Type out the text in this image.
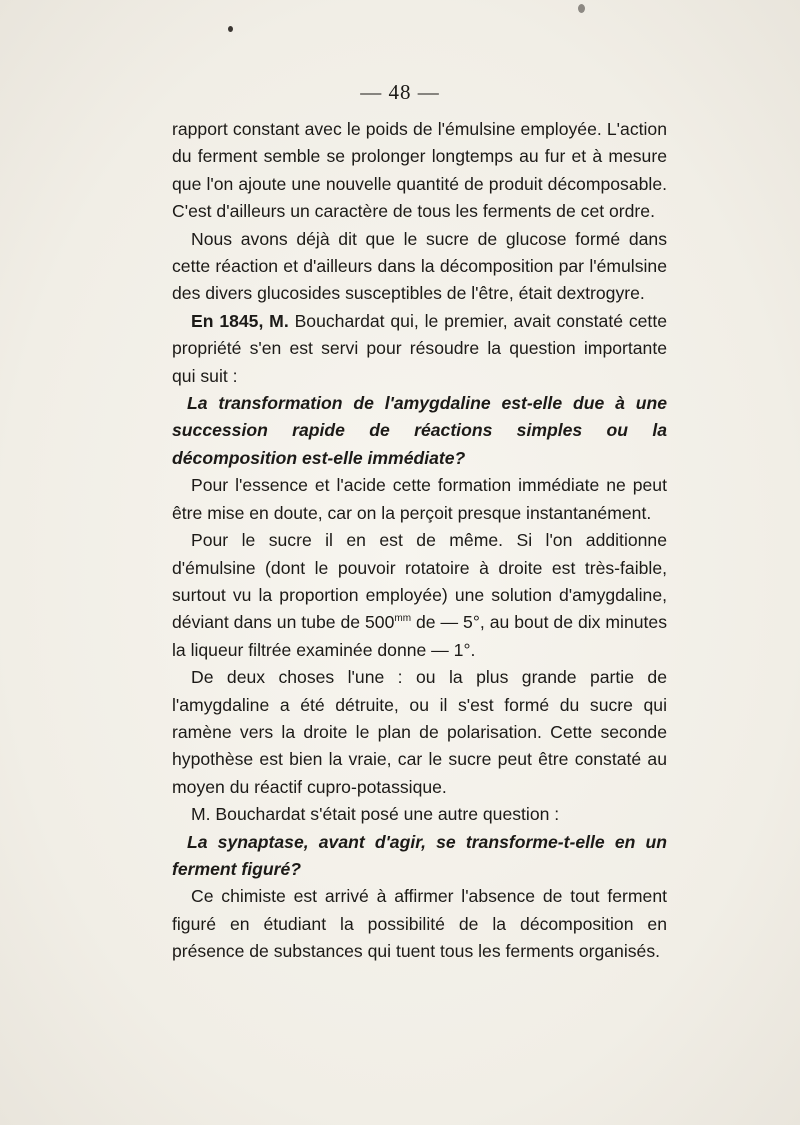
— 48 —

rapport constant avec le poids de l'émulsine employée. L'action du ferment semble se prolonger longtemps au fur et à mesure que l'on ajoute une nouvelle quantité de produit décomposable. C'est d'ailleurs un caractère de tous les ferments de cet ordre.

Nous avons déjà dit que le sucre de glucose formé dans cette réaction et d'ailleurs dans la décomposition par l'émulsine des divers glucosides susceptibles de l'être, était dextrogyre.

En 1845, M. Bouchardat qui, le premier, avait constaté cette propriété s'en est servi pour résoudre la question importante qui suit :

La transformation de l'amygdaline est-elle due à une succession rapide de réactions simples ou la décomposition est-elle immédiate?

Pour l'essence et l'acide cette formation immédiate ne peut être mise en doute, car on la perçoit presque instantanément.

Pour le sucre il en est de même. Si l'on additionne d'émulsine (dont le pouvoir rotatoire à droite est très-faible, surtout vu la proportion employée) une solution d'amygdaline, déviant dans un tube de $500^{mm}$ de — 5°, au bout de dix minutes la liqueur filtrée examinée donne — 1°.

De deux choses l'une : ou la plus grande partie de l'amygdaline a été détruite, ou il s'est formé du sucre qui ramène vers la droite le plan de polarisation. Cette seconde hypothèse est bien la vraie, car le sucre peut être constaté au moyen du réactif cupro-potassique.

M. Bouchardat s'était posé une autre question :

La synaptase, avant d'agir, se transforme-t-elle en un ferment figuré?

Ce chimiste est arrivé à affirmer l'absence de tout ferment figuré en étudiant la possibilité de la décomposition en présence de substances qui tuent tous les ferments organisés.
